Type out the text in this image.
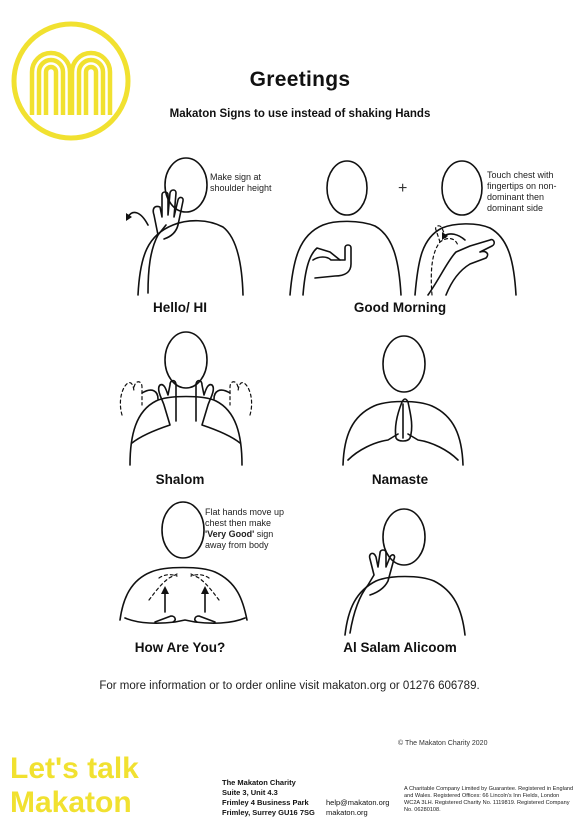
Greetings
Makaton Signs to use instead of shaking Hands
Make sign at shoulder height
Hello/ HI
+
Touch chest with fingertips on non-dominant then dominant side
Good Morning
Shalom	Namaste
Flat hands move up chest then make 'Very Good' sign away from body
How Are You?	Al Salam Alicoom
For more information or to order online visit makaton.org or 01276 606789.
© The Makaton Charity 2020
Let's talk
Makaton
The Makaton Charity
Suite 3, Unit 4.3
Frimley 4 Business Park
Frimley, Surrey GU16 7SG
help@makaton.org
makaton.org
A Charitable Company Limited by Guarantee. Registered in England and Wales. Registered Offices: 66 Lincoln's Inn Fields, London WC2A 3LH. Registered Charity No. 1119819. Registered Company No. 06280108.
